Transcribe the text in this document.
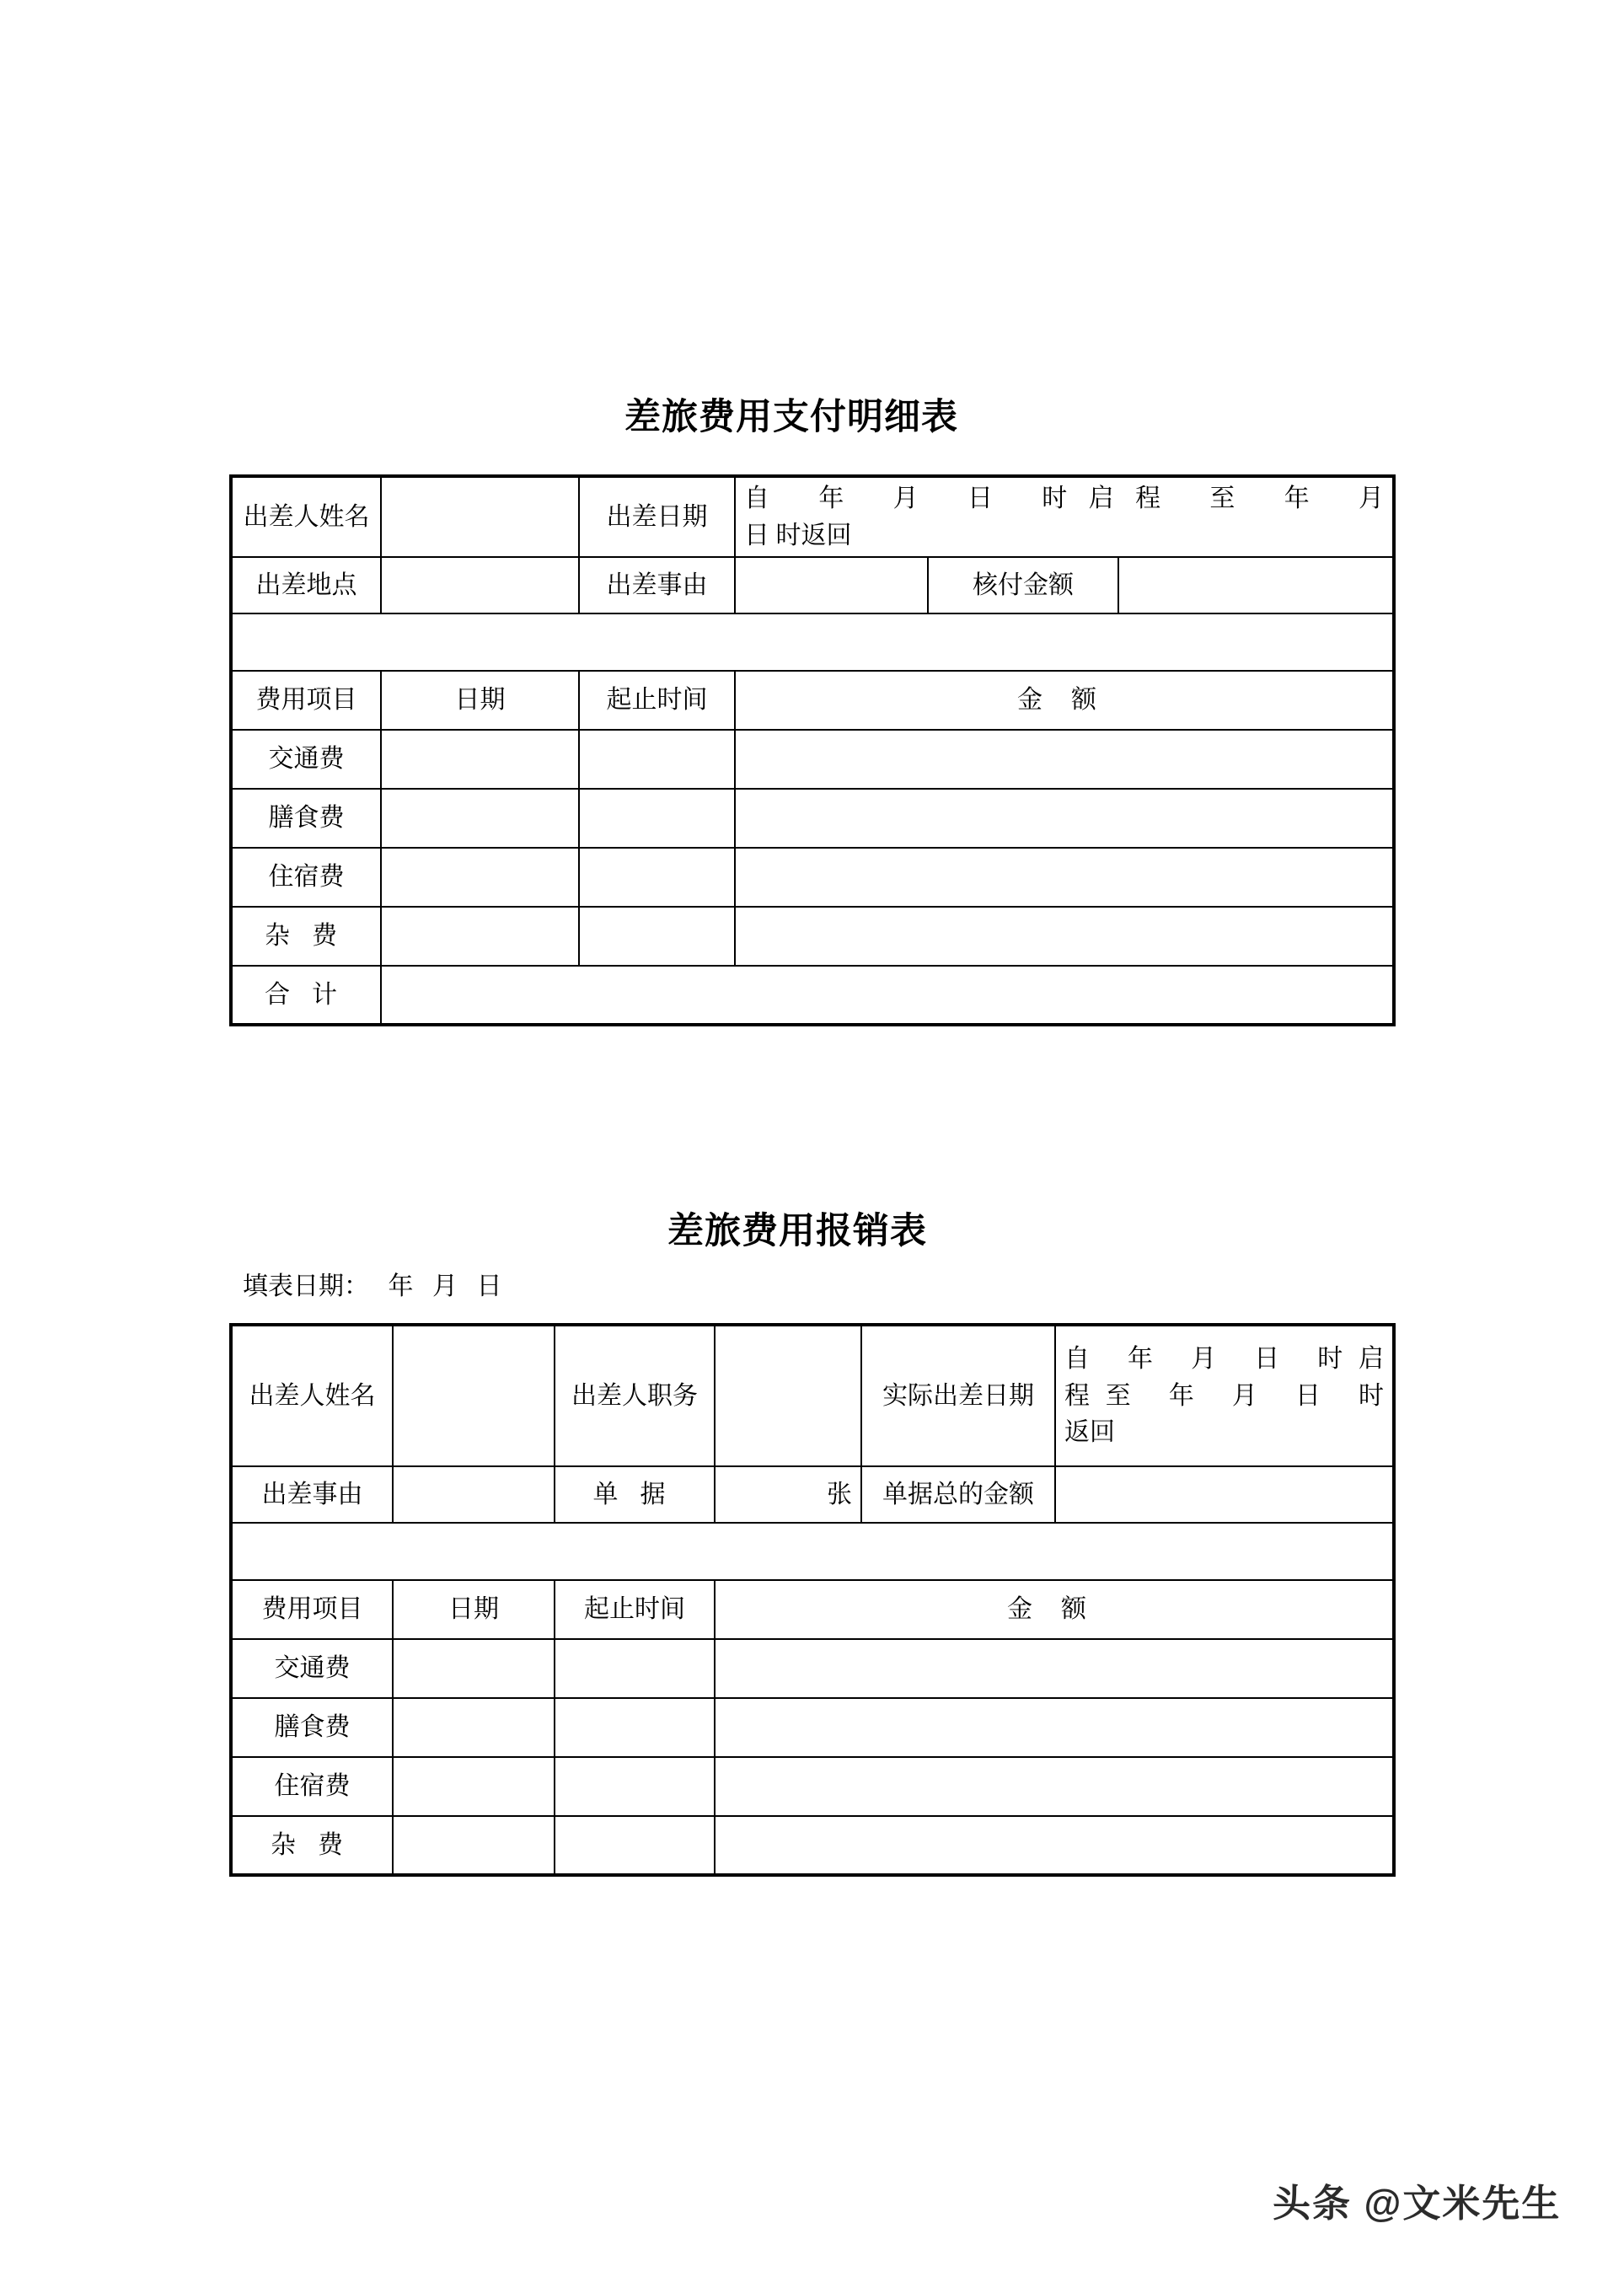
差旅费用支付明细表
出差人姓名		出差日期	自 年 月 日 时启程 至 年 月
日 时返回		

出差地点		出差事由		核付金额	

费用项目	日期	起止时间	金额		
交通费					
膳食费					
住宿费					
杂费					
合计					
差旅费用报销表
填表日期：   年   月   日
出差人姓名		出差人职务		实际出差日期	自 年 月 日 时启
程至 年 月 日 时
返回

出差事由		单据	张	单据总的金额	

费用项目	日期	起止时间	金额		
交通费					
膳食费					
住宿费					
杂费					
头条 @文米先生
